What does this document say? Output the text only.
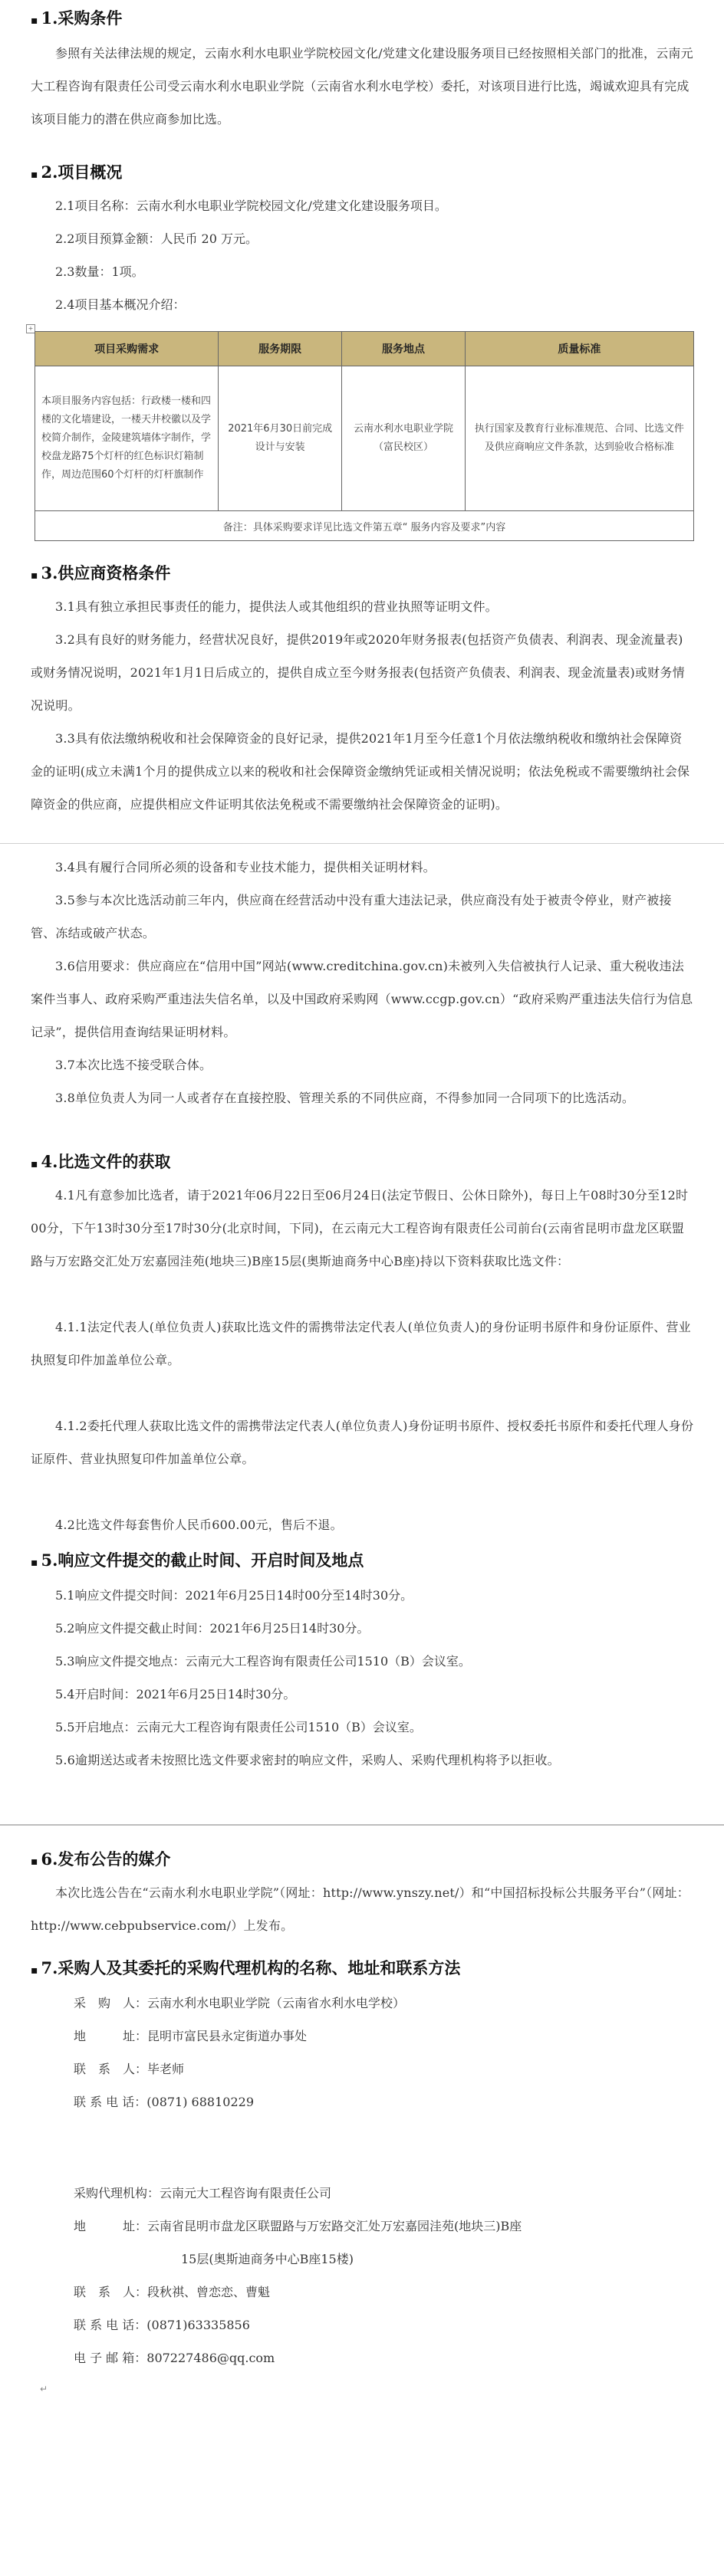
▪ 1.采购条件
参照有关法律法规的规定，云南水利水电职业学院校园文化/党建文化建设服务项目已经按照相关部门的批准，云南元大工程咨询有限责任公司受云南水利水电职业学院（云南省水利水电学校）委托，对该项目进行比选，竭诚欢迎具有完成该项目能力的潜在供应商参加比选。
▪ 2.项目概况
2.1项目名称：云南水利水电职业学院校园文化/党建文化建设服务项目。
2.2项目预算金额：人民币 20 万元。
2.3数量：1项。
2.4项目基本概况介绍：
+
项目采购需求	服务期限	服务地点	质量标准
本项目服务内容包括：行政楼一楼和四楼的文化墙建设，一楼天井校徽以及学校简介制作，金陵建筑墙体字制作，学校盘龙路75个灯杆的红色标识灯箱制作，周边范围60个灯杆的灯杆旗制作	2021年6月30日前完成设计与安装	云南水利水电职业学院（富民校区）	执行国家及教育行业标准规范、合同、比选文件及供应商响应文件条款，达到验收合格标准
备注：具体采购要求详见比选文件第五章“ 服务内容及要求”内容			
▪ 3.供应商资格条件
3.1具有独立承担民事责任的能力，提供法人或其他组织的营业执照等证明文件。
3.2具有良好的财务能力，经营状况良好，提供2019年或2020年财务报表(包括资产负债表、利润表、现金流量表)或财务情况说明，2021年1月1日后成立的，提供自成立至今财务报表(包括资产负债表、利润表、现金流量表)或财务情况说明。
3.3具有依法缴纳税收和社会保障资金的良好记录，提供2021年1月至今任意1个月依法缴纳税收和缴纳社会保障资金的证明(成立未满1个月的提供成立以来的税收和社会保障资金缴纳凭证或相关情况说明；依法免税或不需要缴纳社会保障资金的供应商，应提供相应文件证明其依法免税或不需要缴纳社会保障资金的证明)。
3.4具有履行合同所必须的设备和专业技术能力，提供相关证明材料。
3.5参与本次比选活动前三年内，供应商在经营活动中没有重大违法记录，供应商没有处于被责令停业，财产被接管、冻结或破产状态。
3.6信用要求：供应商应在“信用中国”网站(www.creditchina.gov.cn)未被列入失信被执行人记录、重大税收违法案件当事人、政府采购严重违法失信名单，以及中国政府采购网（www.ccgp.gov.cn）“政府采购严重违法失信行为信息记录”，提供信用查询结果证明材料。
3.7本次比选不接受联合体。
3.8单位负责人为同一人或者存在直接控股、管理关系的不同供应商，不得参加同一合同项下的比选活动。
▪ 4.比选文件的获取
4.1凡有意参加比选者，请于2021年06月22日至06月24日(法定节假日、公休日除外)，每日上午08时30分至12时00分，下午13时30分至17时30分(北京时间，下同)，在云南元大工程咨询有限责任公司前台(云南省昆明市盘龙区联盟路与万宏路交汇处万宏嘉园洼苑(地块三)B座15层(奥斯迪商务中心B座)持以下资料获取比选文件：
4.1.1法定代表人(单位负责人)获取比选文件的需携带法定代表人(单位负责人)的身份证明书原件和身份证原件、营业执照复印件加盖单位公章。
4.1.2委托代理人获取比选文件的需携带法定代表人(单位负责人)身份证明书原件、授权委托书原件和委托代理人身份证原件、营业执照复印件加盖单位公章。
4.2比选文件每套售价人民币600.00元，售后不退。
▪ 5.响应文件提交的截止时间、开启时间及地点
5.1响应文件提交时间：2021年6月25日14时00分至14时30分。
5.2响应文件提交截止时间：2021年6月25日14时30分。
5.3响应文件提交地点：云南元大工程咨询有限责任公司1510（B）会议室。
5.4开启时间：2021年6月25日14时30分。
5.5开启地点：云南元大工程咨询有限责任公司1510（B）会议室。
5.6逾期送达或者未按照比选文件要求密封的响应文件，采购人、采购代理机构将予以拒收。
▪ 6.发布公告的媒介
本次比选公告在“云南水利水电职业学院”（网址：http://www.ynszy.net/）和“中国招标投标公共服务平台”（网址：http://www.cebpubservice.com/）上发布。
▪ 7.采购人及其委托的采购代理机构的名称、地址和联系方法
采　购　人：云南水利水电职业学院（云南省水利水电学校）
地　　　址：昆明市富民县永定街道办事处
联　系　人：毕老师
联 系 电 话：(0871) 68810229
采购代理机构：云南元大工程咨询有限责任公司
地　　　址：云南省昆明市盘龙区联盟路与万宏路交汇处万宏嘉园洼苑(地块三)B座
15层(奥斯迪商务中心B座15楼)
联　系　人：段秋祺、曾恋恋、曹魁
联 系 电 话：(0871)63335856
电 子 邮 箱：807227486@qq.com
↵
